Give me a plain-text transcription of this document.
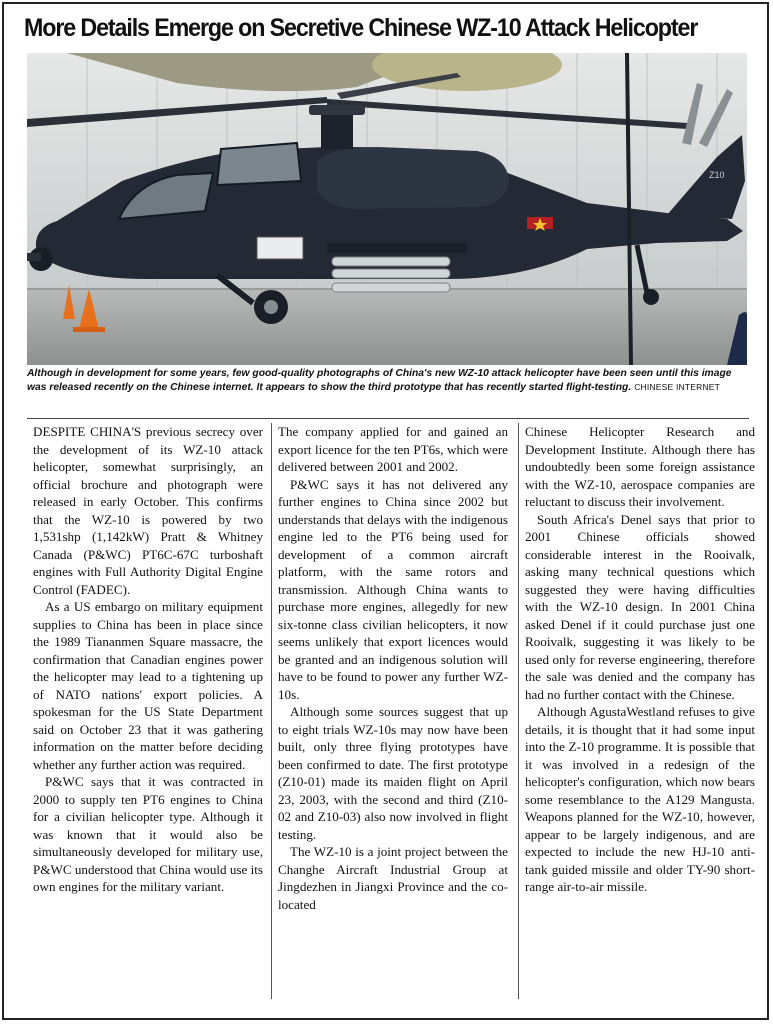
More Details Emerge on Secretive Chinese WZ-10 Attack Helicopter
Z10

Although in development for some years, few good-quality photographs of China's new WZ-10 attack helicopter have been seen until this image was released recently on the Chinese internet. It appears to show the third prototype that has recently started flight-testing. CHINESE INTERNET

DESPITE CHINA'S previous secrecy over the development of its WZ-10 attack helicopter, somewhat surprisingly, an official brochure and photograph were released in early October. This confirms that the WZ-10 is powered by two 1,531shp (1,142kW) Pratt & Whitney Canada (P&WC) PT6C-67C turboshaft engines with Full Authority Digital Engine Control (FADEC).

As a US embargo on military equipment supplies to China has been in place since the 1989 Tiananmen Square massacre, the confirmation that Canadian engines power the helicopter may lead to a tightening up of NATO nations' export policies. A spokesman for the US State Department said on October 23 that it was gathering information on the matter before deciding whether any further action was required.

P&WC says that it was contracted in 2000 to supply ten PT6 engines to China for a civilian helicopter type. Although it was known that it would also be simultaneously developed for military use, P&WC understood that China would use its own engines for the military variant.

The company applied for and gained an export licence for the ten PT6s, which were delivered between 2001 and 2002.

P&WC says it has not delivered any further engines to China since 2002 but understands that delays with the indigenous engine led to the PT6 being used for development of a common aircraft platform, with the same rotors and transmission. Although China wants to purchase more engines, allegedly for new six-tonne class civilian helicopters, it now seems unlikely that export licences would be granted and an indigenous solution will have to be found to power any further WZ-10s.

Although some sources suggest that up to eight trials WZ-10s may now have been built, only three flying prototypes have been confirmed to date. The first prototype (Z10-01) made its maiden flight on April 23, 2003, with the second and third (Z10-02 and Z10-03) also now involved in flight testing.

The WZ-10 is a joint project between the Changhe Aircraft Industrial Group at Jingdezhen in Jiangxi Province and the co-located

Chinese Helicopter Research and Development Institute. Although there has undoubtedly been some foreign assistance with the WZ-10, aerospace companies are reluctant to discuss their involvement.

South Africa's Denel says that prior to 2001 Chinese officials showed considerable interest in the Rooivalk, asking many technical questions which suggested they were having difficulties with the WZ-10 design. In 2001 China asked Denel if it could purchase just one Rooivalk, suggesting it was likely to be used only for reverse engineering, therefore the sale was denied and the company has had no further contact with the Chinese.

Although AgustaWestland refuses to give details, it is thought that it had some input into the Z-10 programme. It is possible that it was involved in a redesign of the helicopter's configuration, which now bears some resemblance to the A129 Mangusta. Weapons planned for the WZ-10, however, appear to be largely indigenous, and are expected to include the new HJ-10 anti-tank guided missile and older TY-90 short-range air-to-air missile.
